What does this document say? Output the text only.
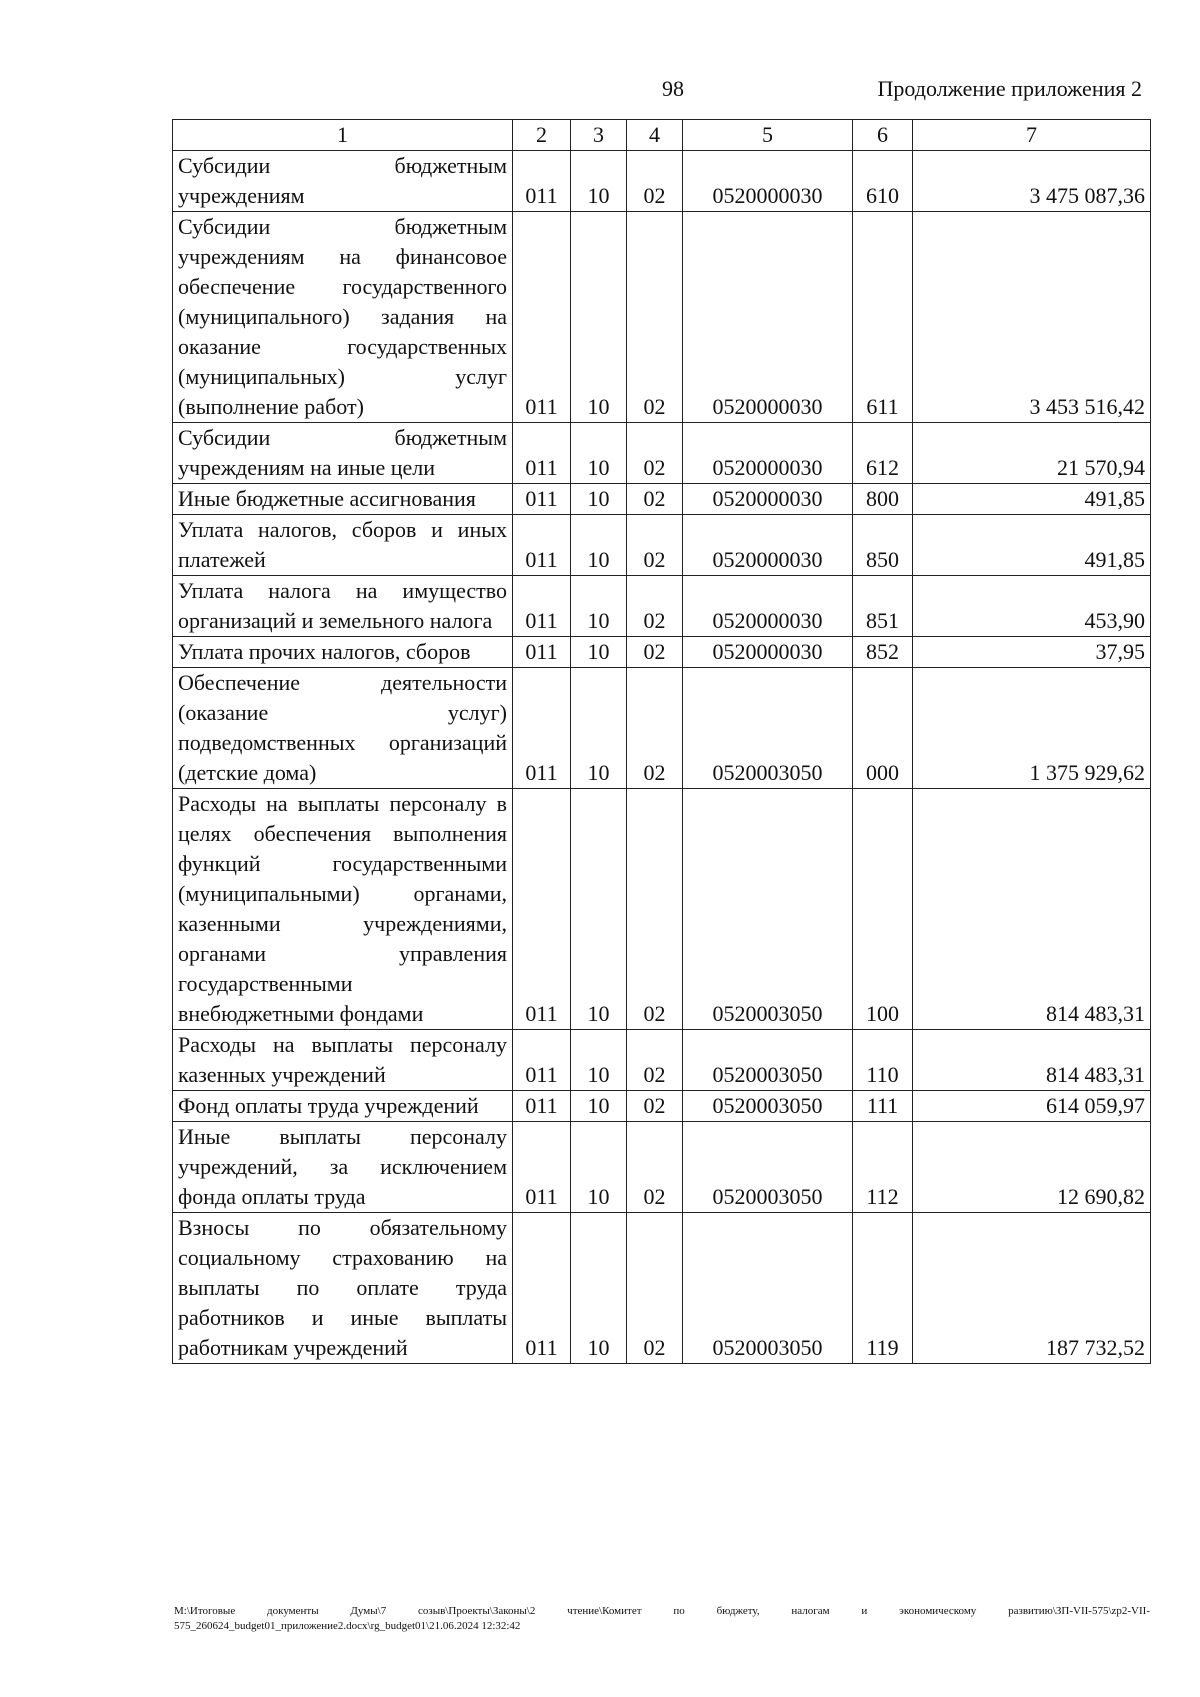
98	Продолжение приложения 2
1	2	3	4	5	6	7
Субсидии бюджетным учреждениям	011	10	02	0520000030	610	3 475 087,36
Субсидии бюджетным учреждениям на финансовое обеспечение государственного (муниципального) задания на оказание государственных (муниципальных) услуг (выполнение работ)	011	10	02	0520000030	611	3 453 516,42
Субсидии бюджетным учреждениям на иные цели	011	10	02	0520000030	612	21 570,94
Иные бюджетные ассигнования	011	10	02	0520000030	800	491,85
Уплата налогов, сборов и иных платежей	011	10	02	0520000030	850	491,85
Уплата налога на имущество организаций и земельного налога	011	10	02	0520000030	851	453,90
Уплата прочих налогов, сборов	011	10	02	0520000030	852	37,95
Обеспечение деятельности (оказание услуг) подведомственных организаций (детские дома)	011	10	02	0520003050	000	1 375 929,62
Расходы на выплаты персоналу в целях обеспечения выполнения функций государственными (муниципальными) органами, казенными учреждениями, органами управления государственными внебюджетными фондами	011	10	02	0520003050	100	814 483,31
Расходы на выплаты персоналу казенных учреждений	011	10	02	0520003050	110	814 483,31
Фонд оплаты труда учреждений	011	10	02	0520003050	111	614 059,97
Иные выплаты персоналу учреждений, за исключением фонда оплаты труда	011	10	02	0520003050	112	12 690,82
Взносы по обязательному социальному страхованию на выплаты по оплате труда работников и иные выплаты работникам учреждений	011	10	02	0520003050	119	187 732,52
M:\Итоговые документы Думы\7 созыв\Проекты\Законы\2 чтение\Комитет по бюджету, налогам и экономическому развитию\ЗП-VII-575\zp2-VII-575_260624_budget01_приложение2.docx\rg_budget01\21.06.2024 12:32:42
